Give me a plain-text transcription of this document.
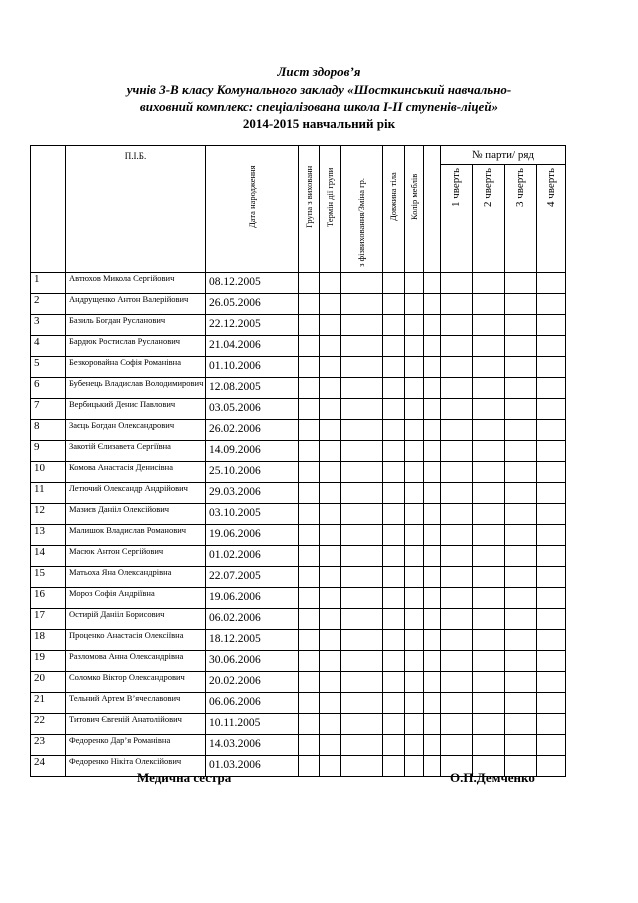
Лист здоров’я
учнів 3-В класу Комунального закладу «Шосткинський навчально-
виховний комплекс: спеціалізована школа I-II ступенів-ліцей»
2014-2015 навчальний рік
	П.І.Б.	Дата народження	Група з вихованн	Термін дії групи	з фізвиховання/Зміна гр.	Довжина тіла	Колір меблів		№ парти/ ряд			
									1 чверть	2 чверть	3 чверть	4 чверть
1	Автюхов Микола Сергійович	08.12.2005										
2	Андрущенко Антон Валерійович	26.05.2006										
3	Базиль Богдан Русланович	22.12.2005										
4	Бардюк Ростислав Русланович	21.04.2006										
5	Безкоровайна Софія Романівна	01.10.2006										
6	Бубенець Владислав Володимирович	12.08.2005										
7	Вербицький Денис Павлович	03.05.2006										
8	Заєць Богдан Олександрович	26.02.2006										
9	Закотій Єлизавета Сергіївна	14.09.2006										
10	Комова Анастасія Денисівна	25.10.2006										
11	Летючий Олександр Андрійович	29.03.2006										
12	Мазиєв Данііл Олексійович	03.10.2005										
13	Малишок Владислав Романович	19.06.2006										
14	Масюк Антон Сергійович	01.02.2006										
15	Матьоха Яна Олександрівна	22.07.2005										
16	Мороз Софія Андріївна	19.06.2006										
17	Остирій Данііл Борисович	06.02.2006										
18	Проценко Анастасія Олексіївна	18.12.2005										
19	Разломова Анна Олександрівна	30.06.2006										
20	Соломко Віктор Олександрович	20.02.2006										
21	Тельний Артем В’ячеславович	06.06.2006										
22	Титович Євгеній Анатолійович	10.11.2005										
23	Федоренко Дар’я Романівна	14.03.2006										
24	Федоренко Нікіта Олексійович	01.03.2006										
Медична сестра	О.П.Демченко
